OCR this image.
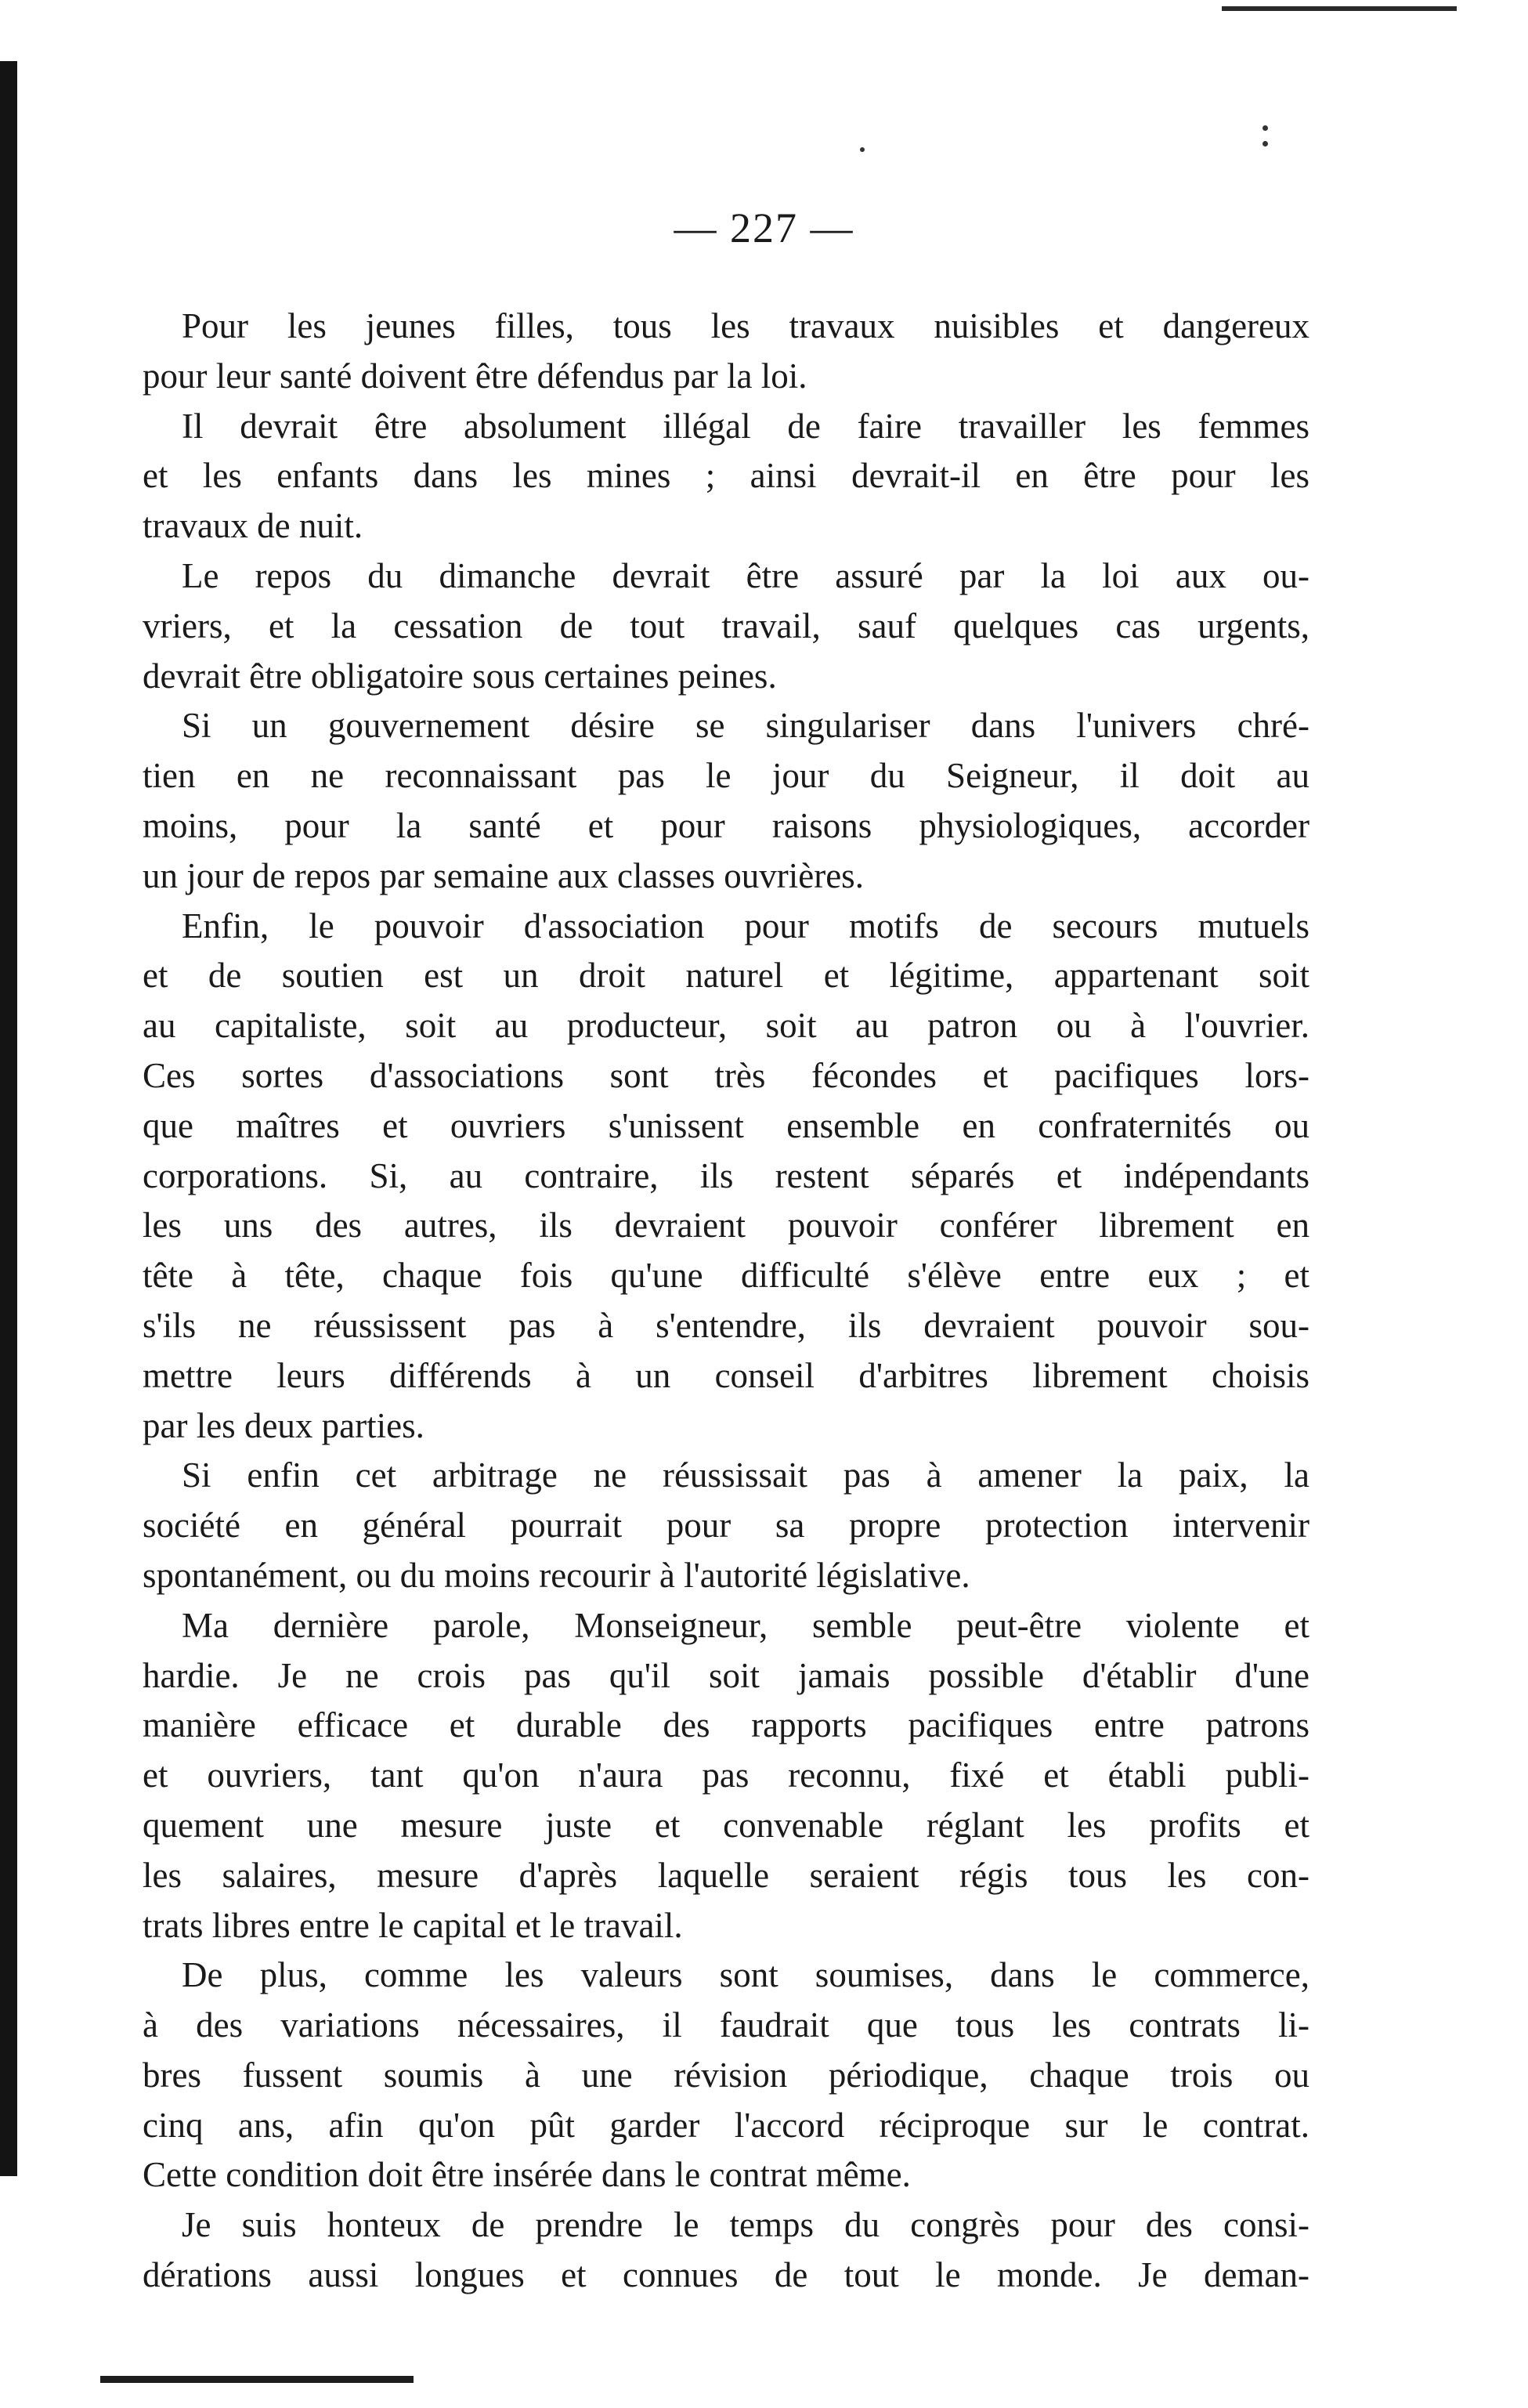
— 227 —
Pour les jeunes filles, tous les travaux nuisibles et dangereux
pour leur santé doivent être défendus par la loi.
Il devrait être absolument illégal de faire travailler les femmes
et les enfants dans les mines ; ainsi devrait-il en être pour les
travaux de nuit.
Le repos du dimanche devrait être assuré par la loi aux ou-
vriers, et la cessation de tout travail, sauf quelques cas urgents,
devrait être obligatoire sous certaines peines.
Si un gouvernement désire se singulariser dans l'univers chré-
tien en ne reconnaissant pas le jour du Seigneur, il doit au
moins, pour la santé et pour raisons physiologiques, accorder
un jour de repos par semaine aux classes ouvrières.
Enfin, le pouvoir d'association pour motifs de secours mutuels
et de soutien est un droit naturel et légitime, appartenant soit
au capitaliste, soit au producteur, soit au patron ou à l'ouvrier.
Ces sortes d'associations sont très fécondes et pacifiques lors-
que maîtres et ouvriers s'unissent ensemble en confraternités ou
corporations. Si, au contraire, ils restent séparés et indépendants
les uns des autres, ils devraient pouvoir conférer librement en
tête à tête, chaque fois qu'une difficulté s'élève entre eux ; et
s'ils ne réussissent pas à s'entendre, ils devraient pouvoir sou-
mettre leurs différends à un conseil d'arbitres librement choisis
par les deux parties.
Si enfin cet arbitrage ne réussissait pas à amener la paix, la
société en général pourrait pour sa propre protection intervenir
spontanément, ou du moins recourir à l'autorité législative.
Ma dernière parole, Monseigneur, semble peut-être violente et
hardie. Je ne crois pas qu'il soit jamais possible d'établir d'une
manière efficace et durable des rapports pacifiques entre patrons
et ouvriers, tant qu'on n'aura pas reconnu, fixé et établi publi-
quement une mesure juste et convenable réglant les profits et
les salaires, mesure d'après laquelle seraient régis tous les con-
trats libres entre le capital et le travail.
De plus, comme les valeurs sont soumises, dans le commerce,
à des variations nécessaires, il faudrait que tous les contrats li-
bres fussent soumis à une révision périodique, chaque trois ou
cinq ans, afin qu'on pût garder l'accord réciproque sur le contrat.
Cette condition doit être insérée dans le contrat même.
Je suis honteux de prendre le temps du congrès pour des consi-
dérations aussi longues et connues de tout le monde. Je deman-
